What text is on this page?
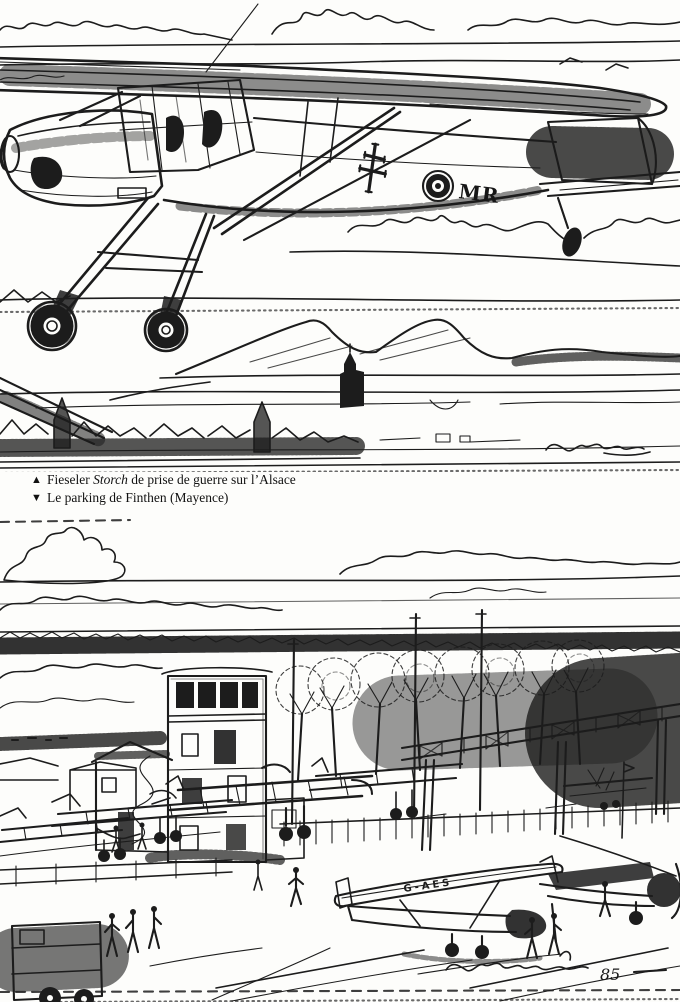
MR
▲ Fieseler Storch de prise de guerre sur l’Alsace
▼ Le parking de Finthen (Mayence)
G-AES
85
